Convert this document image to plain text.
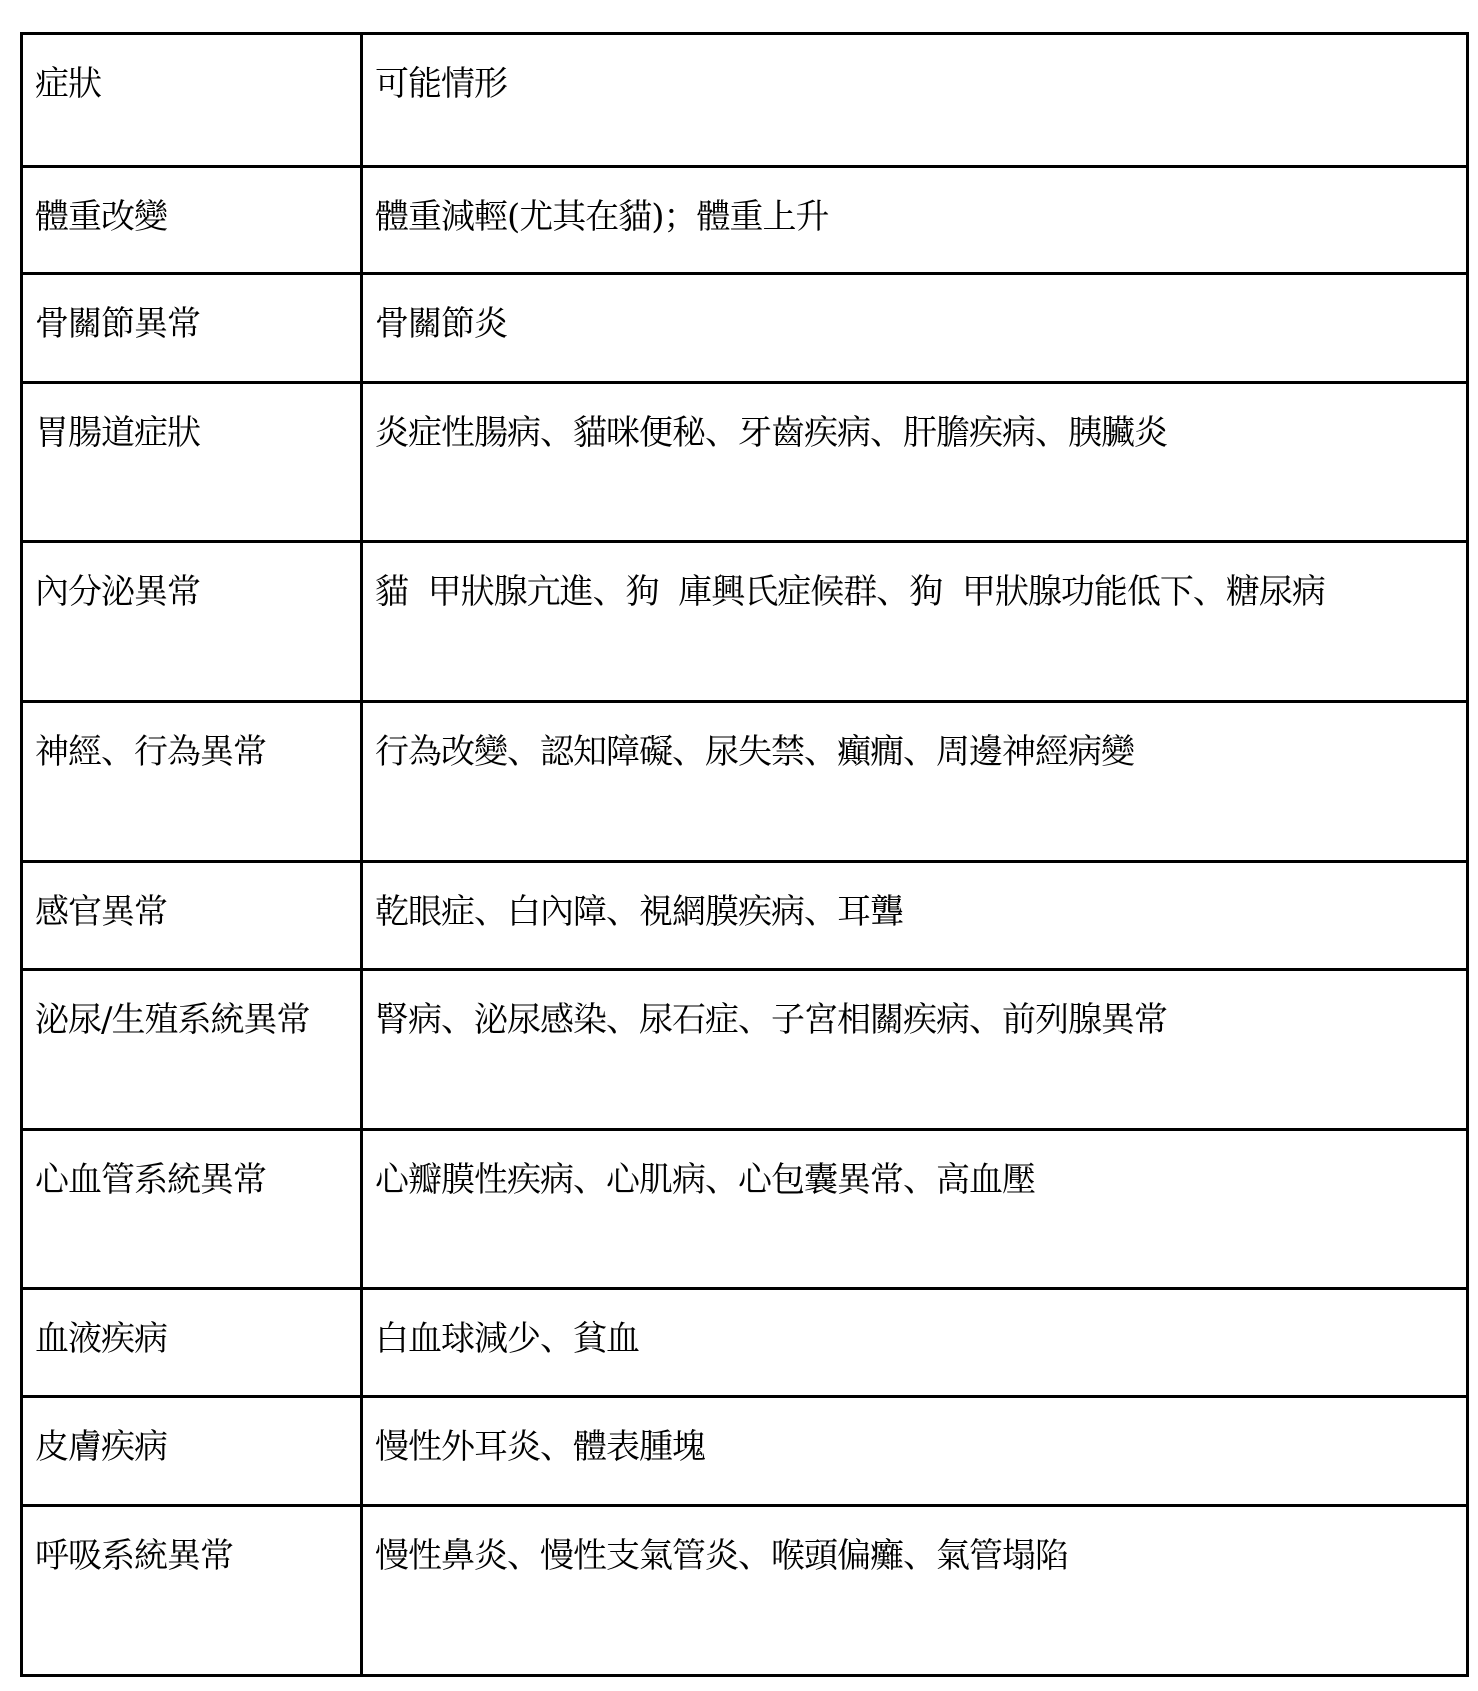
症狀	可能情形
體重改變	體重減輕(尤其在貓)；體重上升
骨關節異常	骨關節炎
胃腸道症狀	炎症性腸病、貓咪便秘、牙齒疾病、肝膽疾病、胰臟炎
內分泌異常	貓  甲狀腺亢進、狗  庫興氏症候群、狗  甲狀腺功能低下、糖尿病
神經、行為異常	行為改變、認知障礙、尿失禁、癲癇、周邊神經病變
感官異常	乾眼症、白內障、視網膜疾病、耳聾
泌尿/生殖系統異常	腎病、泌尿感染、尿石症、子宮相關疾病、前列腺異常
心血管系統異常	心瓣膜性疾病、心肌病、心包囊異常、高血壓
血液疾病	白血球減少、貧血
皮膚疾病	慢性外耳炎、體表腫塊
呼吸系統異常	慢性鼻炎、慢性支氣管炎、喉頭偏癱、氣管塌陷
